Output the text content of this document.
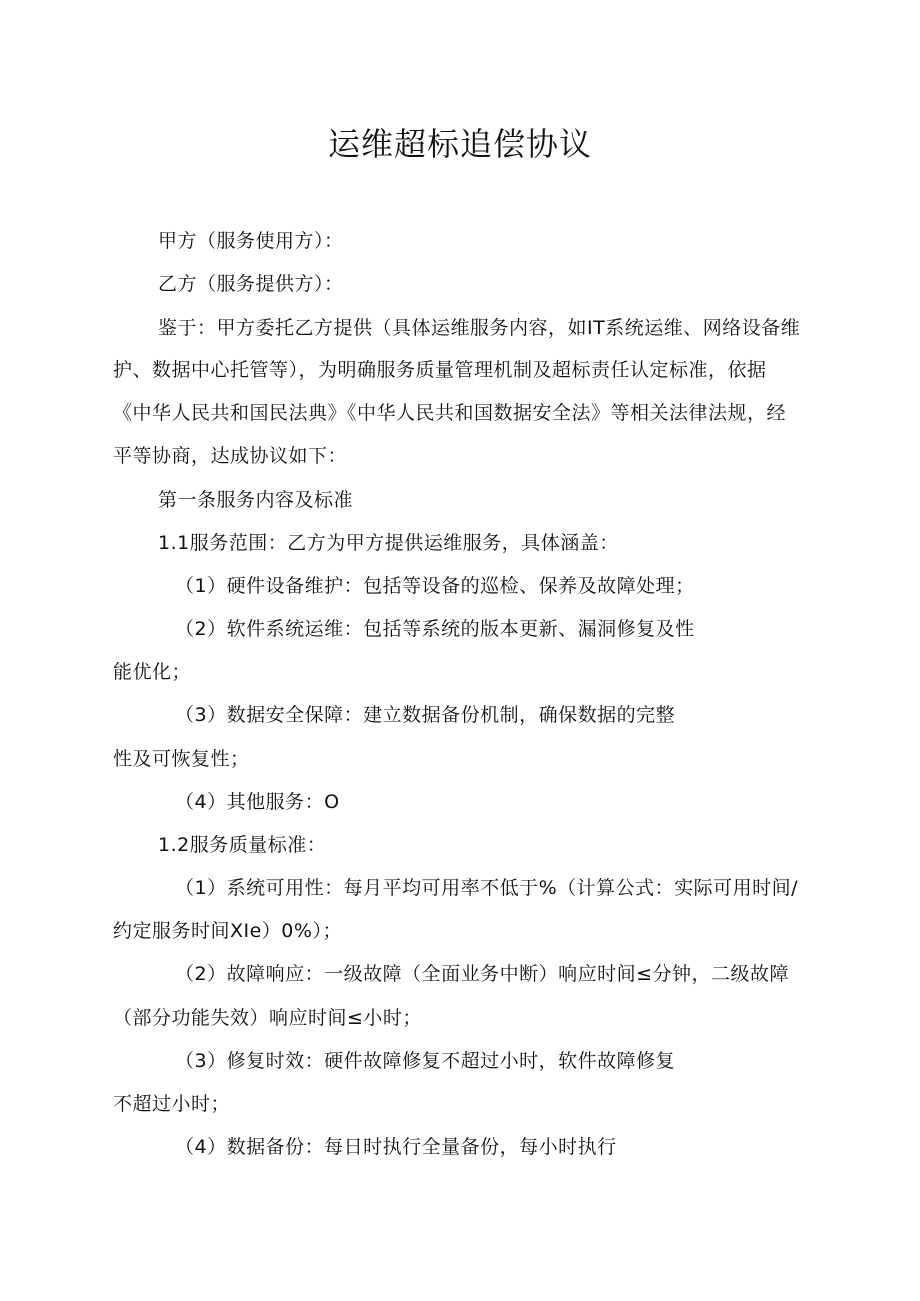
运维超标追偿协议

甲方（服务使用方）：

乙方（服务提供方）：

鉴于：甲方委托乙方提供（具体运维服务内容，如IT系统运维、网络设备维

护、数据中心托管等），为明确服务质量管理机制及超标责任认定标准，依据

《中华人民共和国民法典》《中华人民共和国数据安全法》等相关法律法规，经

平等协商，达成协议如下：

第一条服务内容及标准

1.1服务范围：乙方为甲方提供运维服务，具体涵盖：

（1）硬件设备维护：包括等设备的巡检、保养及故障处理；

（2）软件系统运维：包括等系统的版本更新、漏洞修复及性

能优化；

（3）数据安全保障：建立数据备份机制，确保数据的完整

性及可恢复性；

（4）其他服务：O

1.2服务质量标准：

（1）系统可用性：每月平均可用率不低于%（计算公式：实际可用时间/

约定服务时间XIe）0%）；

（2）故障响应：一级故障（全面业务中断）响应时间≤分钟，二级故障

（部分功能失效）响应时间≤小时；

（3）修复时效：硬件故障修复不超过小时，软件故障修复

不超过小时；

（4）数据备份：每日时执行全量备份，每小时执行
